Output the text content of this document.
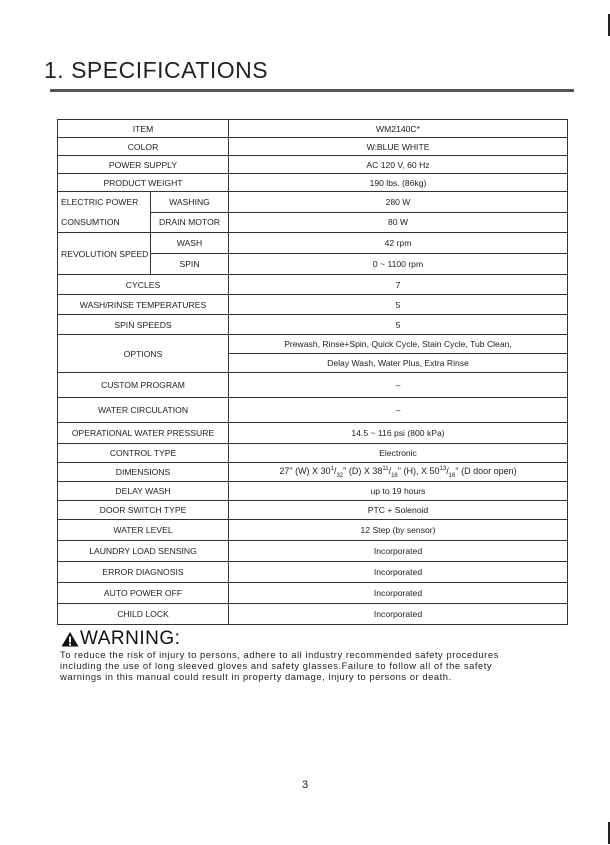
1. SPECIFICATIONS
ITEM		WM2140C*
COLOR		W:BLUE WHITE
POWER SUPPLY		AC 120 V, 60 Hz
PRODUCT WEIGHT		190 lbs. (86kg)

ELECTRIC POWER
CONSUMTION	WASHING	280 W
	DRAIN MOTOR	80 W
REVOLUTION SPEED	WASH	42 rpm
	SPIN	0 ~ 1100 rpm
CYCLES		7
WASH/RINSE TEMPERATURES		5
SPIN SPEEDS		5
OPTIONS		Prewash, Rinse+Spin, Quick Cycle, Stain Cycle, Tub Clean,
		Delay Wash, Water Plus, Extra Rinse
CUSTOM PROGRAM		–
WATER CIRCULATION		–
OPERATIONAL WATER PRESSURE		14.5 ~ 116 psi (800 kPa)
CONTROL TYPE		Electronic
DIMENSIONS		27" (W) X $30^1/_{32}$" (D) X $38^{11}/_{16}$" (H), X $50^{13}/_{16}$" (D door open)
DELAY WASH		up to 19 hours
DOOR SWITCH TYPE		PTC + Solenoid
WATER LEVEL		12 Step (by sensor)
LAUNDRY LOAD SENSING		Incorporated
ERROR DIAGNOSIS		Incorporated
AUTO POWER OFF		Incorporated
CHILD LOCK		Incorporated
WARNING:
To reduce the risk of injury to persons, adhere to all industry recommended safety procedures
including the use of long sleeved gloves and safety glasses.Failure to follow all of the safety
warnings in this manual could result in property damage, injury to persons or death.
3
